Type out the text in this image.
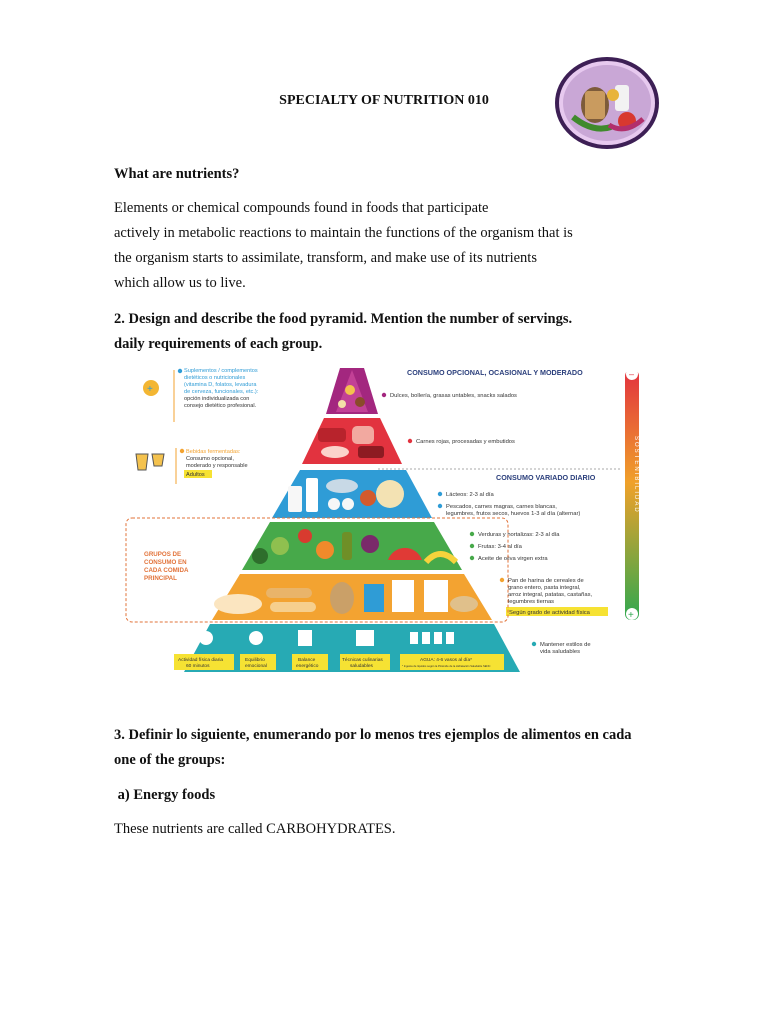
SPECIALTY OF NUTRITION 010
What are nutrients?
Elements or chemical compounds found in foods that participate
actively in metabolic reactions to maintain the functions of the organism that is
the organism starts to assimilate, transform, and make use of its nutrients
which allow us to live.
2. Design and describe the food pyramid. Mention the number of servings.
daily requirements of each group.
–
+
SOSTENIBILIDAD
CONSUMO OPCIONAL, OCASIONAL Y MODERADO
CONSUMO VARIADO DIARIO
Dulces, bollería, grasas untables, snacks salados
Carnes rojas, procesadas y embutidos
Lácteos: 2-3 al día
Pescados, carnes magras, carnes blancas,
legumbres, frutos secos, huevos 1-3 al día (alternar)
Verduras y hortalizas: 2-3 al día
Frutas: 3-4 al día
Aceite de oliva virgen extra
Pan de harina de cereales de
grano entero, pasta integral,
arroz integral, patatas, castañas,
legumbres tiernas
Según grado de actividad física
GRUPOS DE
CONSUMO EN
CADA COMIDA
PRINCIPAL
+
Suplementos / complementos
dietéticos o nutricionales
(vitamina D, folatos, levadura
de cerveza, funcionales, etc.):
opción individualizada con
consejo dietético profesional.
Bebidas fermentadas:
Consumo opcional,
moderado y responsable
Adultos
Actividad física diaria
60 minutos
Equilibrio
emocional
Balance
energético
Técnicas culinarias
saludables
AGUA: 4-6 vasos al día*
* Ingesta de líquidos según la Pirámide de la Hidratación Saludable SENC
Mantener estilos de
vida saludables
3. Definir lo siguiente, enumerando por lo menos tres ejemplos de alimentos en cada
one of the groups:
a) Energy foods
These nutrients are called CARBOHYDRATES.
